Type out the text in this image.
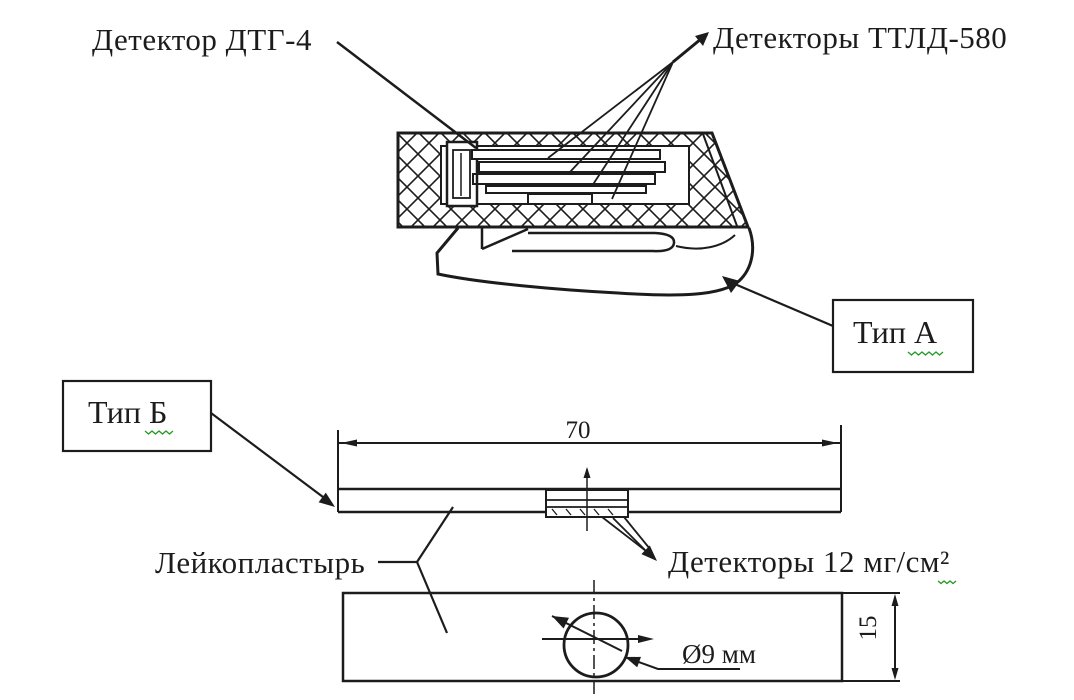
Детектор ДТГ-4	Детекторы ТТЛД-580
Тип А
Тип Б
70
Лейкопластырь	Детекторы 12 мг/см²
Ø9 мм
15
